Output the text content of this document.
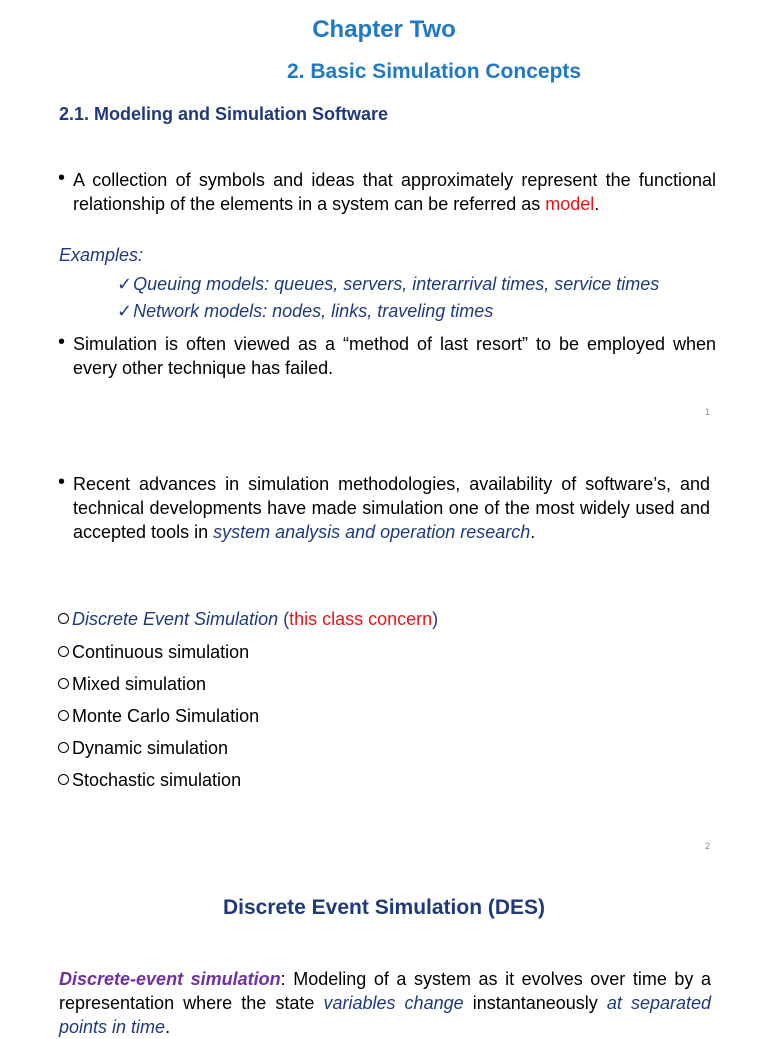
Chapter Two
2. Basic Simulation Concepts
2.1. Modeling and Simulation Software
• A collection of symbols and ideas that approximately represent the functional relationship of the elements in a system can be referred as model.
Examples:
✓Queuing models: queues, servers, interarrival times, service times
✓Network models: nodes, links, traveling times
• Simulation is often viewed as a “method of last resort” to be employed when every other technique has failed.
1
• Recent advances in simulation methodologies, availability of software’s, and technical developments have made simulation one of the most widely used and accepted tools in system analysis and operation research.
Discrete Event Simulation (this class concern)
Continuous simulation
Mixed simulation
Monte Carlo Simulation
Dynamic simulation
Stochastic simulation
2
Discrete Event Simulation (DES)
Discrete-event simulation: Modeling of a system as it evolves over time by a representation where the state variables change instantaneously at separated points in time.
